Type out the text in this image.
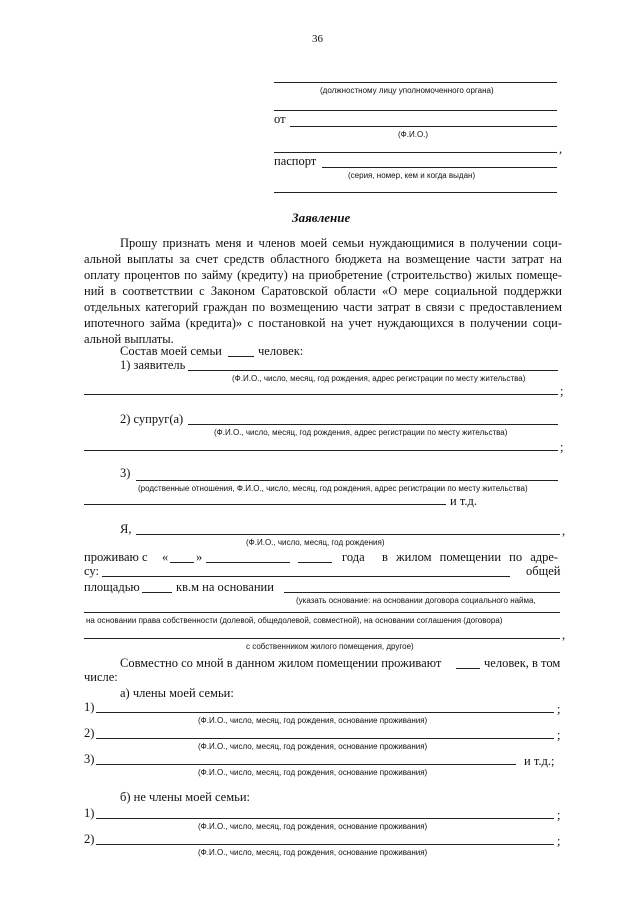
36
(должностному лицу уполномоченного органа)
от
(Ф.И.О.)
,
паспорт
(серия, номер, кем и когда выдан)
Заявление
Прошу признать меня и членов моей семьи нуждающимися в получении соци-
альной выплаты за счет средств областного бюджета на возмещение части затрат на
оплату процентов по займу (кредиту) на приобретение (строительство) жилых помеще-
ний в соответствии с Законом Саратовской области «О мере социальной поддержки
отдельных категорий граждан по возмещению части затрат в связи с предоставлением
ипотечного займа (кредита)» с постановкой на учет нуждающихся в получении соци-
альной выплаты.
Состав моей семьи	человек:
1) заявитель
(Ф.И.О., число, месяц, год рождения, адрес регистрации по месту жительства)
;
2) супруг(а)
(Ф.И.О., число, месяц, год рождения, адрес регистрации по месту жительства)
;
3)
(родственные отношения, Ф.И.О., число, месяц, год рождения, адрес регистрации по месту жительства)
и т.д.
Я,	,
(Ф.И.О., число, месяц, год рождения)
проживаю с « »	года в жилом помещении по адре-
су:	общей
площадью	кв.м на основании
(указать основание: на основании договора социального найма,
на основании права собственности (долевой, общедолевой, совместной), на основании соглашения (договора)
,
с собственником жилого помещения, другое)
Совместно со мной в данном жилом помещении проживают	человек, в том
числе:
а) члены моей семьи:
1)	;
(Ф.И.О., число, месяц, год рождения, основание проживания)
2)	;
(Ф.И.О., число, месяц, год рождения, основание проживания)
3)	и т.д.;
(Ф.И.О., число, месяц, год рождения, основание проживания)
б) не члены моей семьи:
1)	;
(Ф.И.О., число, месяц, год рождения, основание проживания)
2)	;
(Ф.И.О., число, месяц, год рождения, основание проживания)
